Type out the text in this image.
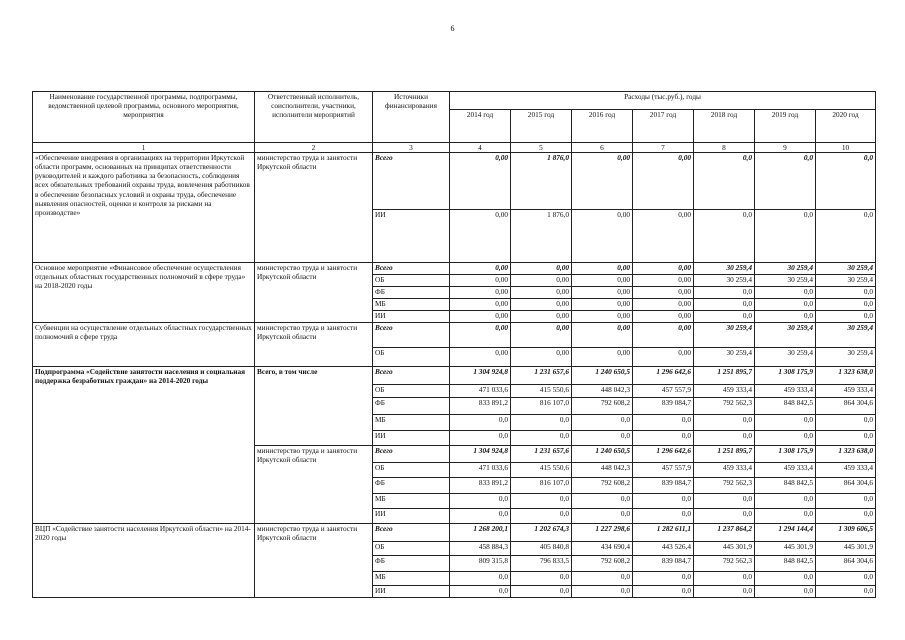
6
Наименование государственной программы, подпрограммы, ведомственной целевой программы, основного мероприятия, мероприятия	Ответственный исполнитель, соисполнители, участники, исполнители мероприятий	Источники финансирования	Расходы (тыс.руб.), годы						
			2014 год	2015 год	2016 год	2017 год	2018 год	2019 год	2020 год
1	2	3	4	5	6	7	8	9	10
«Обеспечение внедрения в организациях на территории Иркутской области программ, основанных на принципах ответственности руководителей и каждого работника за безопасность, соблюдения всех обязательных требований охраны труда, вовлечения работников в обеспечение безопасных условий и охраны труда, обеспечение выявления опасностей, оценки и контроля за рисками на производстве»	министерство труда и занятости Иркутской области	Всего	0,00	1 876,0	0,00	0,00	0,0	0,0	0,0
		ИИ	0,00	1 876,0	0,00	0,00	0,0	0,0	0,0
Основное мероприятие «Финансовое обеспечение осуществления отдельных областных государственных полномочий в сфере труда» на 2018-2020 годы	министерство труда и занятости Иркутской области	Всего	0,00	0,00	0,00	0,00	30 259,4	30 259,4	30 259,4
		ОБ	0,00	0,00	0,00	0,00	30 259,4	30 259,4	30 259,4
		ФБ	0,00	0,00	0,00	0,00	0,0	0,0	0,0
		МБ	0,00	0,00	0,00	0,00	0,0	0,0	0,0
		ИИ	0,00	0,00	0,00	0,00	0,0	0,0	0,0
Субвенции на осуществление отдельных областных государственных полномочий в сфере труда	министерство труда и занятости Иркутской области	Всего	0,00	0,00	0,00	0,00	30 259,4	30 259,4	30 259,4
		ОБ	0,00	0,00	0,00	0,00	30 259,4	30 259,4	30 259,4
Подпрограмма «Содействие занятости населения и социальная поддержка безработных граждан» на 2014-2020 годы	Всего, в том числе	Всего	1 304 924,8	1 231 657,6	1 240 650,5	1 296 642,6	1 251 895,7	1 308 175,9	1 323 638,0
		ОБ	471 033,6	415 550,6	448 042,3	457 557,9	459 333,4	459 333,4	459 333,4
		ФБ	833 891,2	816 107,0	792 608,2	839 084,7	792 562,3	848 842,5	864 304,6
		МБ	0,0	0,0	0,0	0,0	0,0	0,0	0,0
		ИИ	0,0	0,0	0,0	0,0	0,0	0,0	0,0
	министерство труда и занятости Иркутской области	Всего	1 304 924,8	1 231 657,6	1 240 650,5	1 296 642,6	1 251 895,7	1 308 175,9	1 323 638,0
		ОБ	471 033,6	415 550,6	448 042,3	457 557,9	459 333,4	459 333,4	459 333,4
		ФБ	833 891,2	816 107,0	792 608,2	839 084,7	792 562,3	848 842,5	864 304,6
		МБ	0,0	0,0	0,0	0,0	0,0	0,0	0,0
		ИИ	0,0	0,0	0,0	0,0	0,0	0,0	0,0
ВЦП «Содействие занятости населения Иркутской области» на 2014-2020 годы	министерство труда и занятости Иркутской области	Всего	1 268 200,1	1 202 674,3	1 227 298,6	1 282 611,1	1 237 864,2	1 294 144,4	1 309 606,5
		ОБ	458 884,3	405 840,8	434 690,4	443 526,4	445 301,9	445 301,9	445 301,9
		ФБ	809 315,8	796 833,5	792 608,2	839 084,7	792 562,3	848 842,5	864 304,6
		МБ	0,0	0,0	0,0	0,0	0,0	0,0	0,0
		ИИ	0,0	0,0	0,0	0,0	0,0	0,0	0,0
